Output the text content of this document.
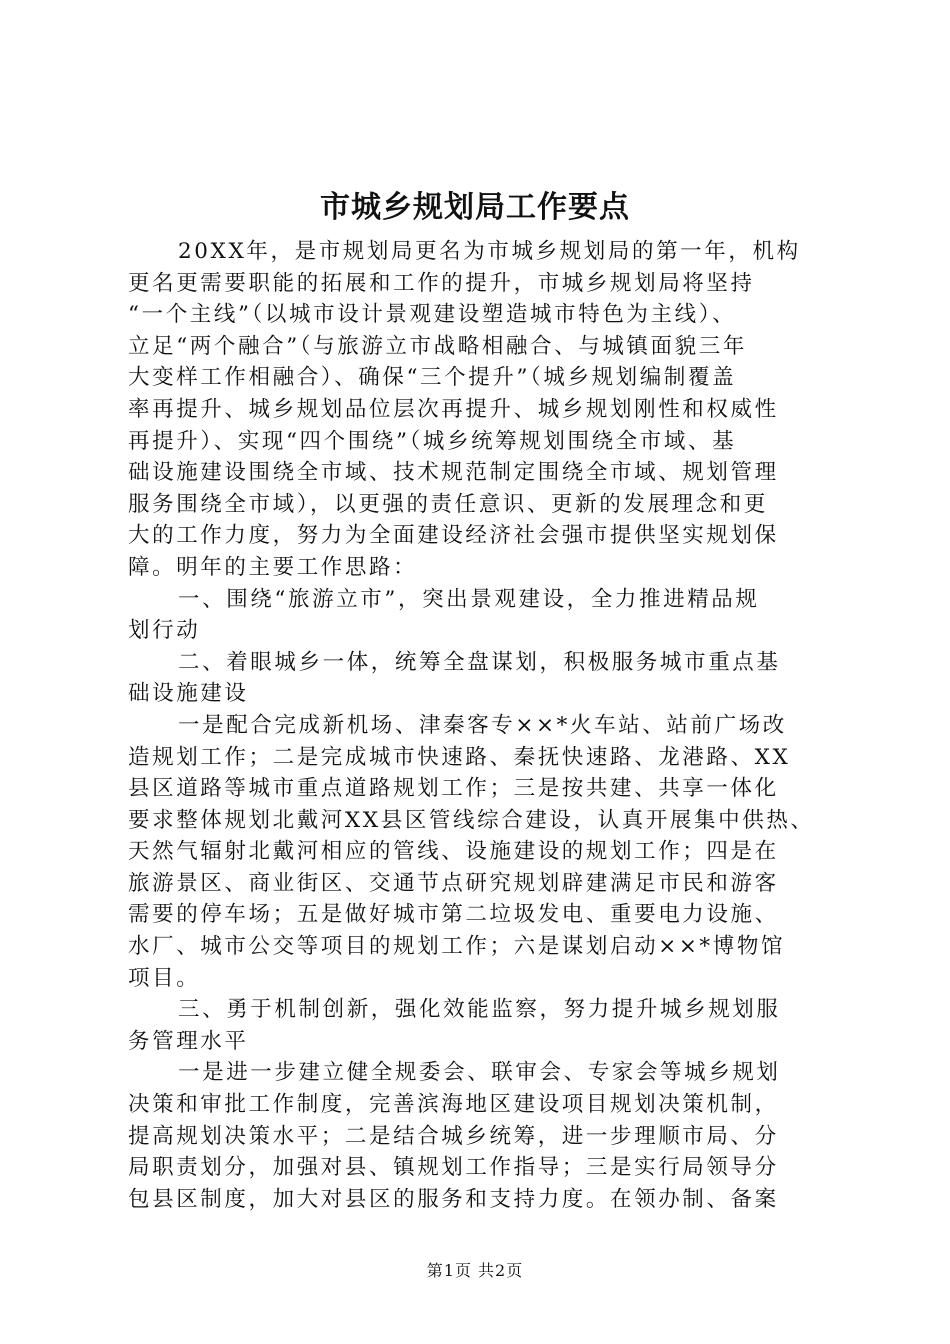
市城乡规划局工作要点
20XX年，是市规划局更名为市城乡规划局的第一年，机构
更名更需要职能的拓展和工作的提升，市城乡规划局将坚持
“一个主线”（以城市设计景观建设塑造城市特色为主线）、
立足“两个融合”（与旅游立市战略相融合、与城镇面貌三年
大变样工作相融合）、确保“三个提升”（城乡规划编制覆盖
率再提升、城乡规划品位层次再提升、城乡规划刚性和权威性
再提升）、实现“四个围绕”（城乡统筹规划围绕全市域、基
础设施建设围绕全市域、技术规范制定围绕全市域、规划管理
服务围绕全市域），以更强的责任意识、更新的发展理念和更
大的工作力度，努力为全面建设经济社会强市提供坚实规划保
障。明年的主要工作思路：
一、围绕“旅游立市”，突出景观建设，全力推进精品规
划行动
二、着眼城乡一体，统筹全盘谋划，积极服务城市重点基
础设施建设
一是配合完成新机场、津秦客专××*火车站、站前广场改
造规划工作；二是完成城市快速路、秦抚快速路、龙港路、XX
县区道路等城市重点道路规划工作；三是按共建、共享一体化
要求整体规划北戴河XX县区管线综合建设，认真开展集中供热、
天然气辐射北戴河相应的管线、设施建设的规划工作；四是在
旅游景区、商业街区、交通节点研究规划辟建满足市民和游客
需要的停车场；五是做好城市第二垃圾发电、重要电力设施、
水厂、城市公交等项目的规划工作；六是谋划启动××*博物馆
项目。
三、勇于机制创新，强化效能监察，努力提升城乡规划服
务管理水平
一是进一步建立健全规委会、联审会、专家会等城乡规划
决策和审批工作制度，完善滨海地区建设项目规划决策机制，
提高规划决策水平；二是结合城乡统筹，进一步理顺市局、分
局职责划分，加强对县、镇规划工作指导；三是实行局领导分
包县区制度，加大对县区的服务和支持力度。在领办制、备案
第1页 共2页
